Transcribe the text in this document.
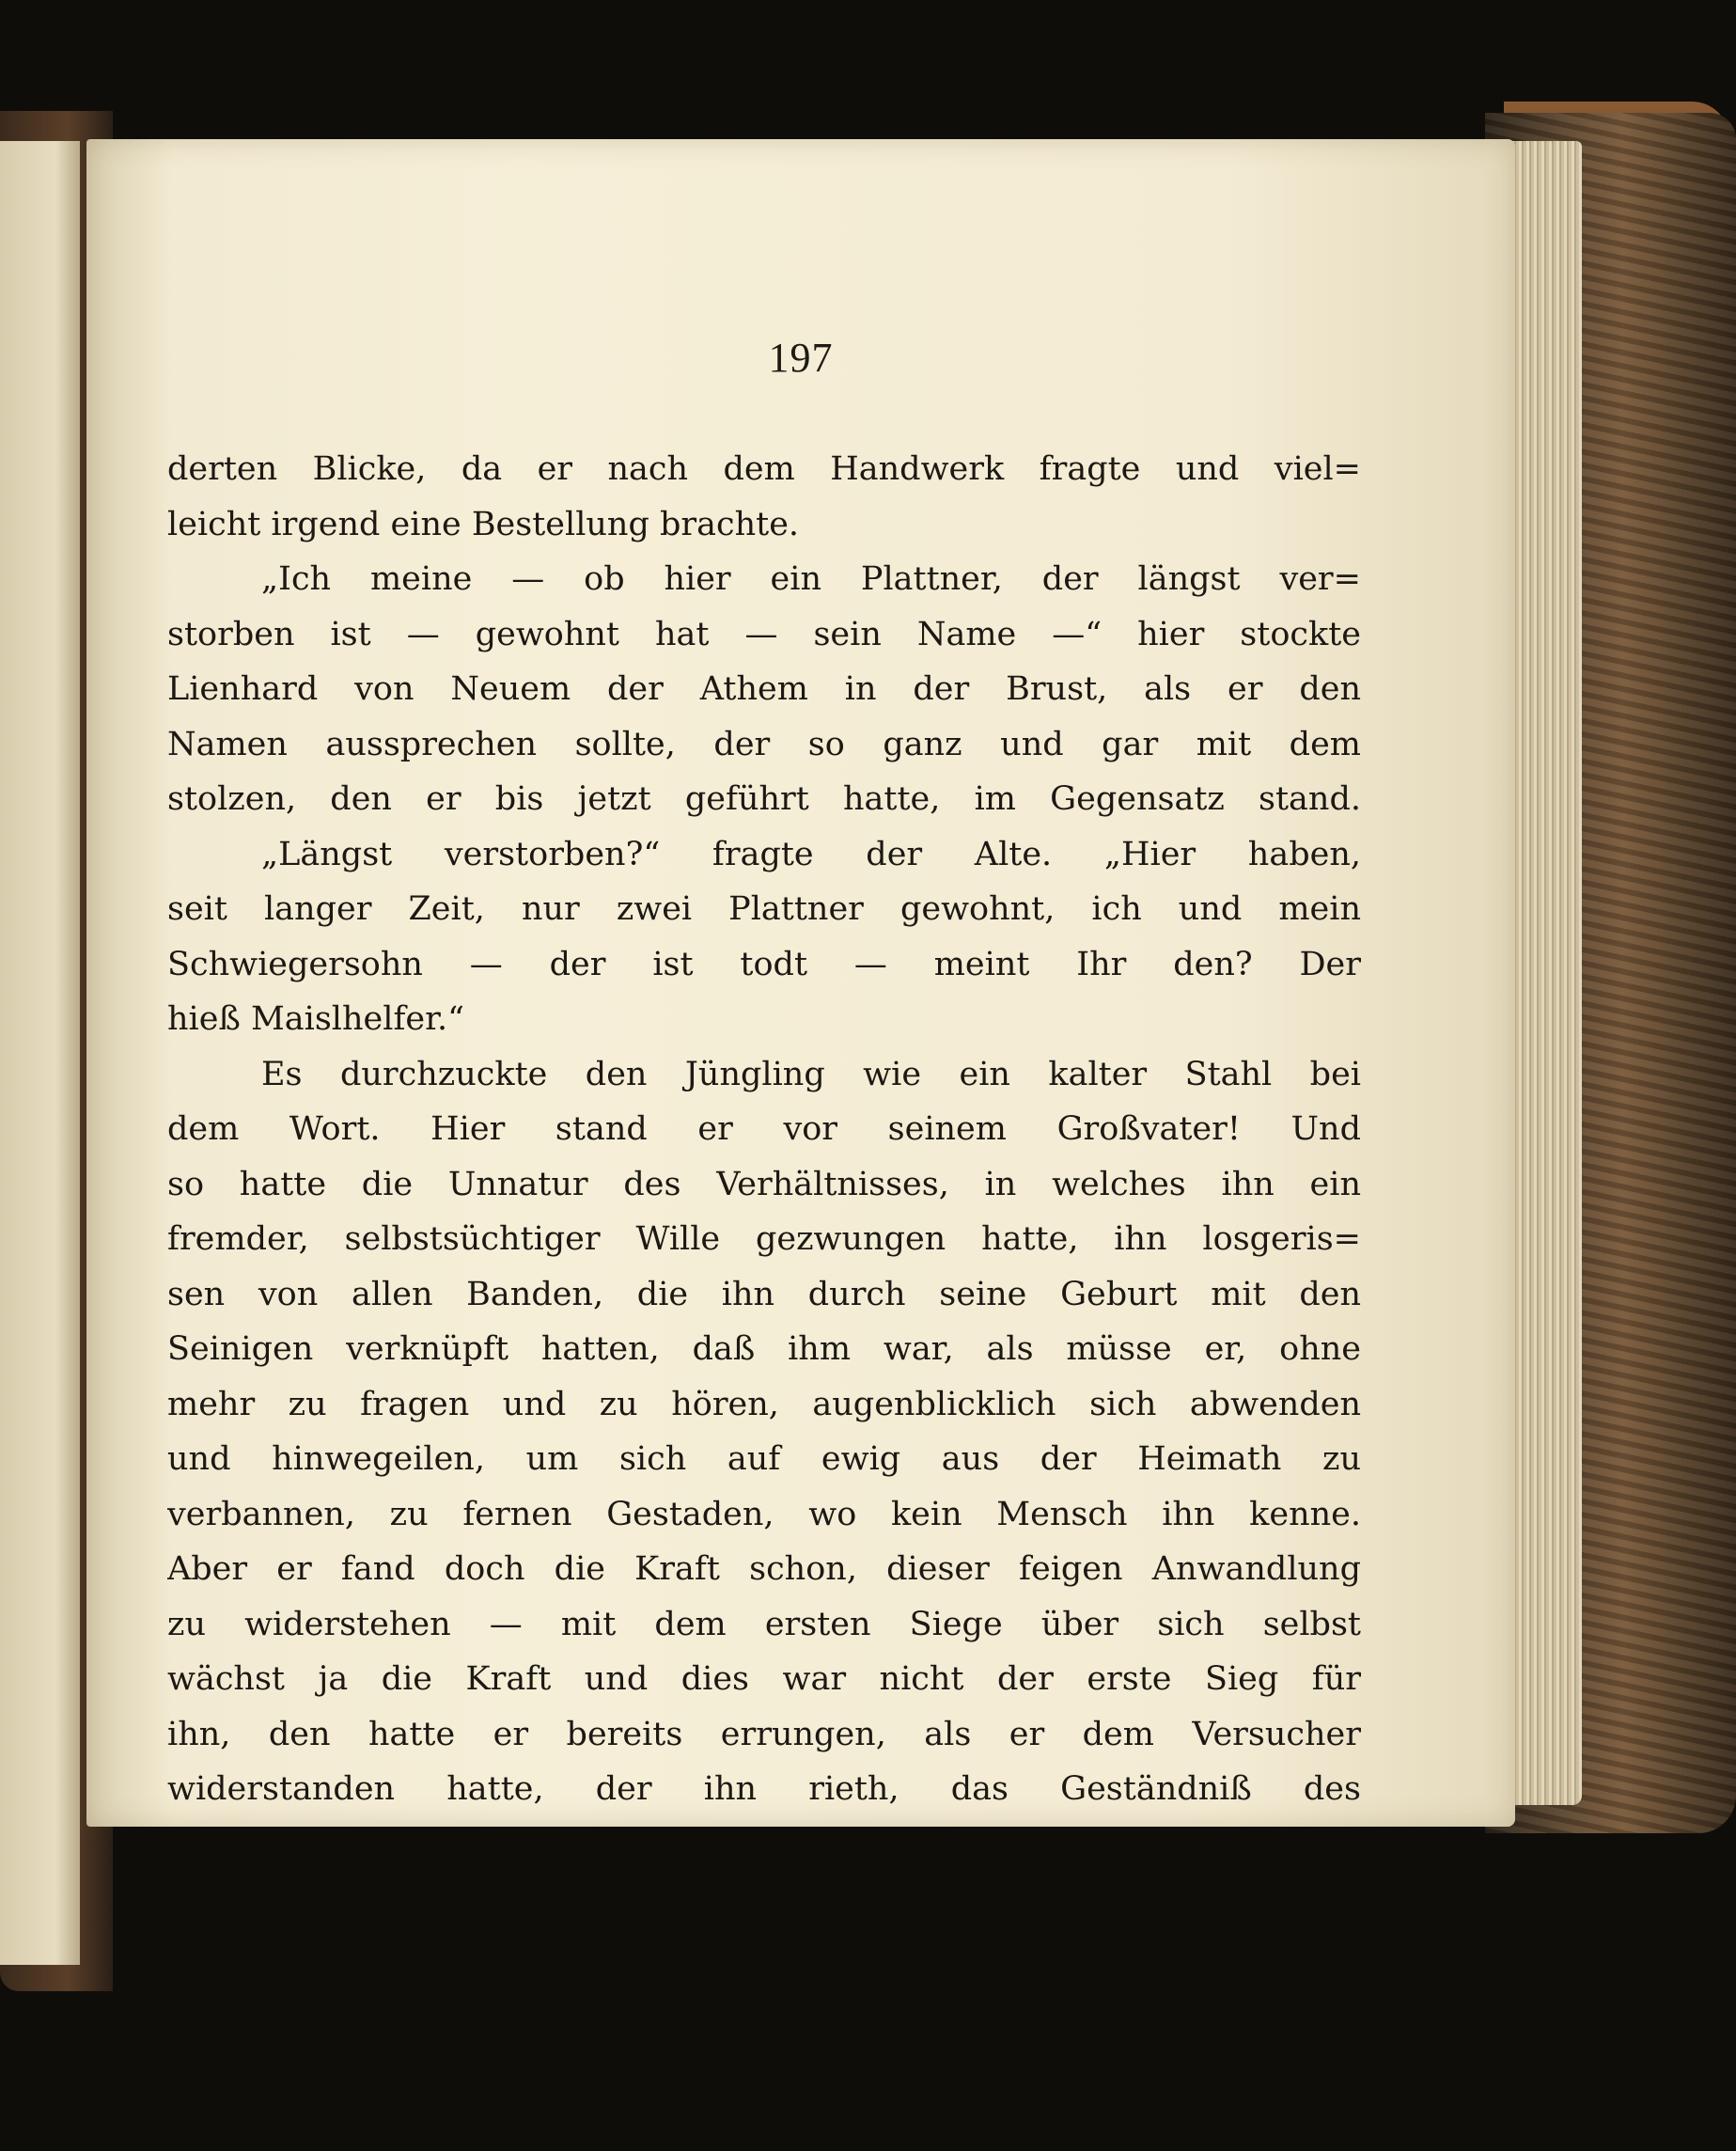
197
derten Blicke, da er nach dem Handwerk fragte und viel=
leicht irgend eine Bestellung brachte.
„Ich meine — ob hier ein Plattner, der längst ver=
storben ist — gewohnt hat — sein Name —“ hier stockte
Lienhard von Neuem der Athem in der Brust, als er den
Namen aussprechen sollte, der so ganz und gar mit dem
stolzen, den er bis jetzt geführt hatte, im Gegensatz stand.
„Längst verstorben?“ fragte der Alte. „Hier haben,
seit langer Zeit, nur zwei Plattner gewohnt, ich und mein
Schwiegersohn — der ist todt — meint Ihr den? Der
hieß Maislhelfer.“
Es durchzuckte den Jüngling wie ein kalter Stahl bei
dem Wort. Hier stand er vor seinem Großvater! Und
so hatte die Unnatur des Verhältnisses, in welches ihn ein
fremder, selbstsüchtiger Wille gezwungen hatte, ihn losgeris=
sen von allen Banden, die ihn durch seine Geburt mit den
Seinigen verknüpft hatten, daß ihm war, als müsse er, ohne
mehr zu fragen und zu hören, augenblicklich sich abwenden
und hinwegeilen, um sich auf ewig aus der Heimath zu
verbannen, zu fernen Gestaden, wo kein Mensch ihn kenne.
Aber er fand doch die Kraft schon, dieser feigen Anwandlung
zu widerstehen — mit dem ersten Siege über sich selbst
wächst ja die Kraft und dies war nicht der erste Sieg für
ihn, den hatte er bereits errungen, als er dem Versucher
widerstanden hatte, der ihn rieth, das Geständniß des
